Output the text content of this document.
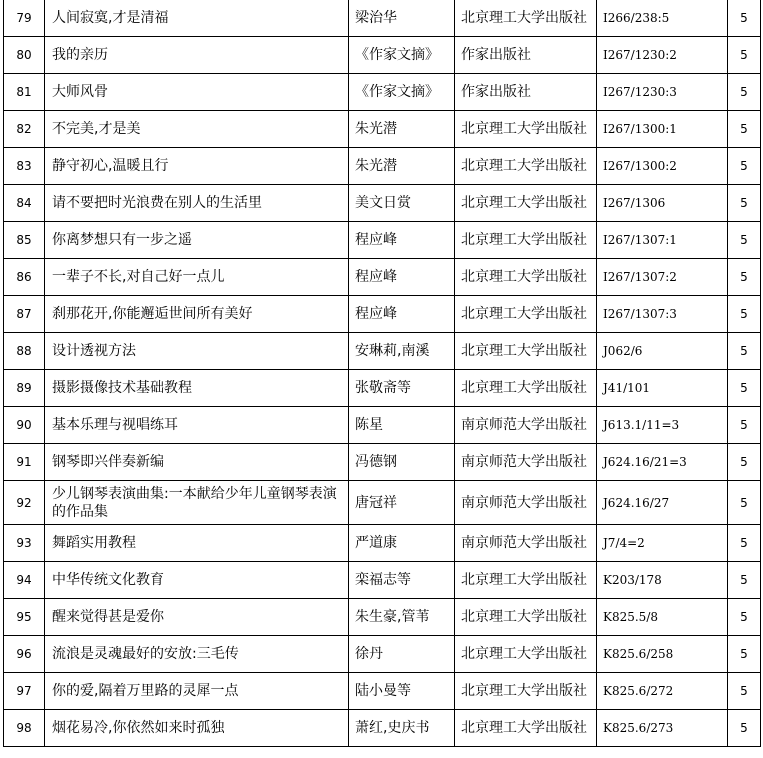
79	人间寂寞,才是清福	梁治华	北京理工大学出版社	I266/238:5	5
80	我的亲历	《作家文摘》	作家出版社	I267/1230:2	5
81	大师风骨	《作家文摘》	作家出版社	I267/1230:3	5
82	不完美,才是美	朱光潜	北京理工大学出版社	I267/1300:1	5
83	静守初心,温暖且行	朱光潜	北京理工大学出版社	I267/1300:2	5
84	请不要把时光浪费在别人的生活里	美文日赏	北京理工大学出版社	I267/1306	5
85	你离梦想只有一步之遥	程应峰	北京理工大学出版社	I267/1307:1	5
86	一辈子不长,对自己好一点儿	程应峰	北京理工大学出版社	I267/1307:2	5
87	刹那花开,你能邂逅世间所有美好	程应峰	北京理工大学出版社	I267/1307:3	5
88	设计透视方法	安琳莉,南溪	北京理工大学出版社	J062/6	5
89	摄影摄像技术基础教程	张敬斋等	北京理工大学出版社	J41/101	5
90	基本乐理与视唱练耳	陈星	南京师范大学出版社	J613.1/11=3	5
91	钢琴即兴伴奏新编	冯德钢	南京师范大学出版社	J624.16/21=3	5
92	少儿钢琴表演曲集:一本献给少年儿童钢琴表演的作品集	唐冠祥	南京师范大学出版社	J624.16/27	5
93	舞蹈实用教程	严道康	南京师范大学出版社	J7/4=2	5
94	中华传统文化教育	栾福志等	北京理工大学出版社	K203/178	5
95	醒来觉得甚是爱你	朱生豪,管苇	北京理工大学出版社	K825.5/8	5
96	流浪是灵魂最好的安放:三毛传	徐丹	北京理工大学出版社	K825.6/258	5
97	你的爱,隔着万里路的灵犀一点	陆小曼等	北京理工大学出版社	K825.6/272	5
98	烟花易冷,你依然如来时孤独	萧红,史庆书	北京理工大学出版社	K825.6/273	5
